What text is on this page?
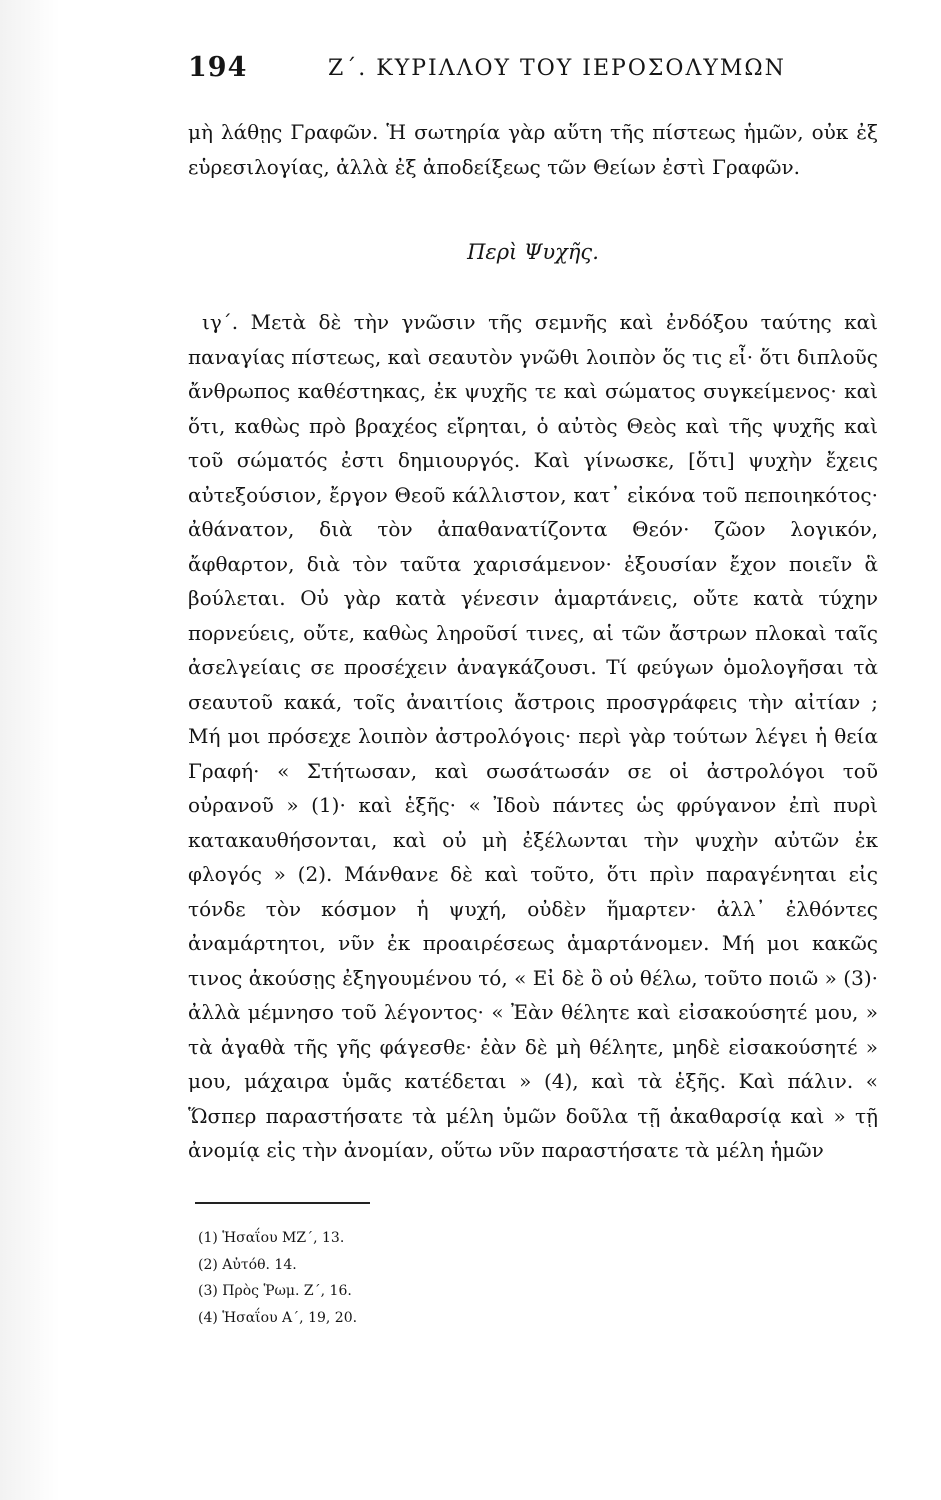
194	Ζ΄. ΚΥΡΙΛΛΟΥ ΤΟΥ ΙΕΡΟΣΟΛΥΜΩΝ

μὴ λάθῃς Γραφῶν. Ἡ σωτηρία γὰρ αὕτη τῆς πίστεως ἡμῶν, οὐκ ἐξ εὑρεσιλογίας, ἀλλὰ ἐξ ἀποδείξεως τῶν Θείων ἐστὶ Γραφῶν.

Περὶ Ψυχῆς.

ιγ΄. Μετὰ δὲ τὴν γνῶσιν τῆς σεμνῆς καὶ ἐνδόξου ταύτης καὶ παναγίας πίστεως, καὶ σεαυτὸν γνῶθι λοιπὸν ὅς τις εἶ· ὅτι διπλοῦς ἄνθρωπος καθέστηκας, ἐκ ψυχῆς τε καὶ σώματος συγκείμενος· καὶ ὅτι, καθὼς πρὸ βραχέος εἴρηται, ὁ αὐτὸς Θεὸς καὶ τῆς ψυχῆς καὶ τοῦ σώματός ἐστι δημιουργός. Καὶ γίνωσκε, [ὅτι] ψυχὴν ἔχεις αὐτεξούσιον, ἔργον Θεοῦ κάλλιστον, κατ᾽ εἰκόνα τοῦ πεποιηκότος· ἀθάνατον, διὰ τὸν ἀπαθανατίζοντα Θεόν· ζῶον λογικόν, ἄφθαρτον, διὰ τὸν ταῦτα χαρισάμενον· ἐξουσίαν ἔχον ποιεῖν ἃ βούλεται. Οὐ γὰρ κατὰ γένεσιν ἁμαρτάνεις, οὔτε κατὰ τύχην πορνεύεις, οὔτε, καθὼς ληροῦσί τινες, αἱ τῶν ἄστρων πλοκαὶ ταῖς ἀσελγείαις σε προσέχειν ἀναγκάζουσι. Τί φεύγων ὁμολογῆσαι τὰ σεαυτοῦ κακά, τοῖς ἀναιτίοις ἄστροις προσγράφεις τὴν αἰτίαν ; Μή μοι πρόσεχε λοιπὸν ἀστρολόγοις· περὶ γὰρ τούτων λέγει ἡ θεία Γραφή· « Στήτωσαν, καὶ σωσάτωσάν σε οἱ ἀστρολόγοι τοῦ οὐρανοῦ » (1)· καὶ ἑξῆς· « Ἰδοὺ πάντες ὡς φρύγανον ἐπὶ πυρὶ κατακαυθήσονται, καὶ οὐ μὴ ἐξέλωνται τὴν ψυχὴν αὐτῶν ἐκ φλογός » (2). Μάνθανε δὲ καὶ τοῦτο, ὅτι πρὶν παραγένηται εἰς τόνδε τὸν κόσμον ἡ ψυχή, οὐδὲν ἥμαρτεν· ἀλλ᾽ ἐλθόντες ἀναμάρτητοι, νῦν ἐκ προαιρέσεως ἁμαρτάνομεν. Μή μοι κακῶς τινος ἀκούσῃς ἐξηγουμένου τό, « Εἰ δὲ ὃ οὐ θέλω, τοῦτο ποιῶ » (3)· ἀλλὰ μέμνησο τοῦ λέγοντος· « Ἐὰν θέλητε καὶ εἰσακούσητέ μου, » τὰ ἀγαθὰ τῆς γῆς φάγεσθε· ἐὰν δὲ μὴ θέλητε, μηδὲ εἰσακούσητέ » μου, μάχαιρα ὑμᾶς κατέδεται » (4), καὶ τὰ ἑξῆς. Καὶ πάλιν. « Ὥσπερ παραστήσατε τὰ μέλη ὑμῶν δοῦλα τῇ ἀκαθαρσίᾳ καὶ » τῇ ἀνομίᾳ εἰς τὴν ἀνομίαν, οὕτω νῦν παραστήσατε τὰ μέλη ἡμῶν

(1) Ἡσαΐου ΜΖ΄, 13.
(2) Αὐτόθ. 14.
(3) Πρὸς Ῥωμ. Ζ΄, 16.
(4) Ἡσαΐου Α΄, 19, 20.
